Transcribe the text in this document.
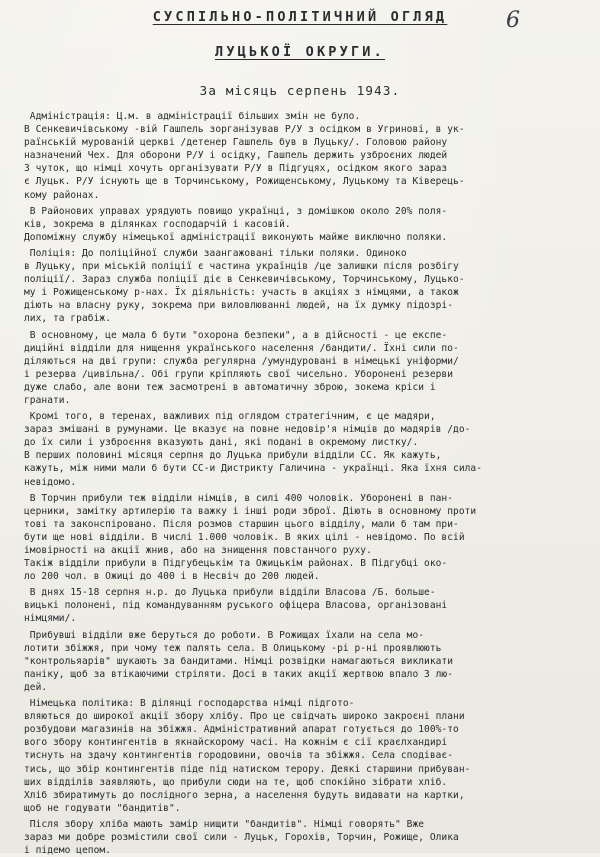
СУСПІЛЬНО-ПОЛІТИЧНИЙ ОГЛЯД	6
ЛУЦЬКОЇ ОКРУГИ.
За місяць серпень 1943.
 Адміністрація: Ц.м. в адміністрації більших змін не було.
В Сенкевичівському -вій Гашпель зорганізував Р/У з осідком в Угринові, в ук-
раїнській мурованій церкві /детенер Гашпель був в Луцьку/. Головою району
назначений Чех. Для оборони Р/У і осідку, Гашпель держить узброєних людей
3 чуток, що німці хочуть організувати Р/У в Підгуцях, осідком якого зараз
є Луцьк. Р/У існують ще в Торчинському, Рожищенському, Луцькому та Ківерець-
кому районах.
 В Районових управах урядують повищо українці, з домішкою около 20% поля-
ків, зокрема в ділянках господарчій і касовій.
Допоміжну службу німецької адміністрації виконують майже виключно поляки.
 Поліція: До поліційної служби заангажовані тільки поляки. Одиноко
в Луцьку, при міській поліції є частина українців /це залишки після розбігу
поліції/. Зараз служба поліції діє в Сенкевичівському, Торчинському, Луцько-
му і Рожищенському р-нах. Їх діяльність: участь в акціях з німцями, а також
діють на власну руку, зокрема при виловлюванні людей, на їх думку підозрі-
лих, та грабіж.
 В основному, це мала б бути "охорона безпеки", а в дійсності - це експе-
диційні відділи для нищення українського населення /бандити/. Їхні сили по-
діляються на дві групи: служба регулярна /умундуровані в німецькі уніформи/
і резерва /цивільна/. Обі групи кріпляють свої чисельно. Уборонені резерви
дуже слабо, але вони теж засмотрені в автоматичну зброю, зокема кріси і
гранати.
 Кромі того, в теренах, важливих під оглядом стратегічним, є це мадяри,
зараз змішані в румунами. Це вказує на повне недовір'я німців до мадярів /до-
до їх сили і узброєння вказують дані, які подані в окремому листку/.
В перших половині місяця серпня до Луцька прибули відділи СС. Як кажуть,
кажуть, між ними мали б бути СС-и Дистрикту Галичина - українці. Яка їхня сила-
невідомо.
 В Торчин прибули теж відділи німців, в силі 400 чоловік. Уборонені в пан-
церники, замітку артилерію та важку і інші роди зброї. Діють в основному проти
тові та законспіровано. Після розмов старшин цього відділу, мали б там при-
бути ще нові відділи. В числі 1.000 чоловік. В яких цілі - невідомо. По всій
імовірності на акції жнив, або на знищення повстанчого руху.
Такіж відділи прибули в Підгубецькім та Ожицькім районах. В Підгубці око-
ло 200 чол. в Ожиці до 400 і в Несвіч до 200 людей.
 В днях 15-18 серпня н.р. до Луцька прибули відділи Власова /Б. больше-
вицькі полонені, під командуванням руського офіцера Власова, організовані
німцями/.
 Прибувші відділи вже беруться до роботи. В Рожищах їхали на села мо-
лотити збіжжя, при чому теж палять села. В Олицькому -рі р-ні проявлюють
"контрольяарів" шукають за бандитами. Німці розвідки намагаються викликати
паніку, щоб за втікаючими стріляти. Досі в таких акції жертвою впало 3 лю-
дей.
 Німецька політика: В ділянці господарства німці підгото-
вляються до широкої акції збору хлібу. Про це свідчать широко закроєні плани
розбудови магазинів на збіжжя. Адміністративний апарат готується до 100%-то
вого збору контингентів в якнайскорому часі. На кожнім є сії краєлхандирі
тиснуть на здачу контингентів городовини, овочів та збіжжя. Села сподіває-
тись, що збір контингентів піде під натиском терору. Деякі старшини прибуван-
ших відділів заявляють, що прибули сюди на те, щоб спокійно зібрати хліб.
Хліб збиратимуть до послідного зерна, а населення будуть видавати на картки,
щоб не годувати "бандитів".
 Після збору хліба мають замір нищити "бандитів". Німці говорять" Вже
зараз ми добре розмістили свої сили - Луцьк, Горохів, Торчин, Рожище, Олика
і підемо цепом.
